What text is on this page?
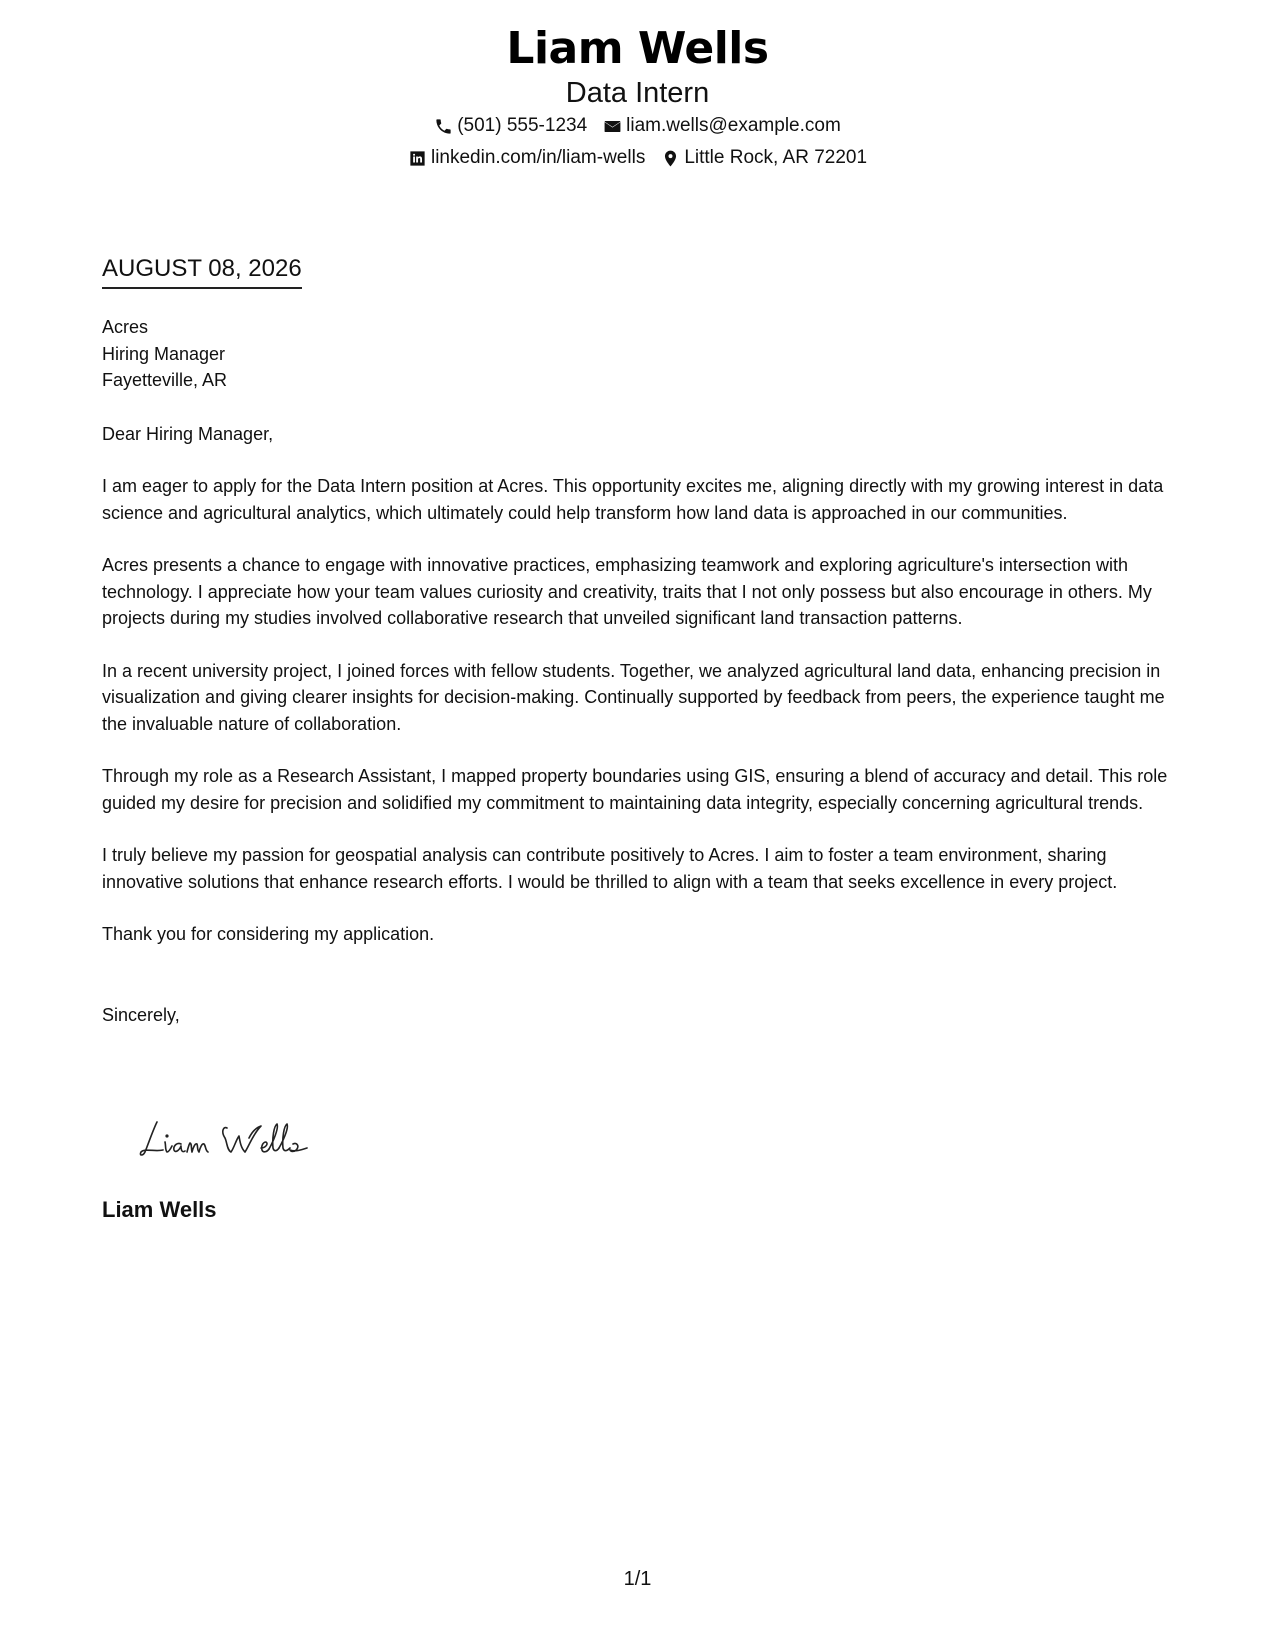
Liam Wells
Data Intern
(501) 555-1234 liam.wells@example.com
linkedin.com/in/liam-wells Little Rock, AR 72201
AUGUST 08, 2026
Acres
Hiring Manager
Fayetteville, AR

Dear Hiring Manager,

I am eager to apply for the Data Intern position at Acres. This opportunity excites me, aligning directly with my growing interest in data science and agricultural analytics, which ultimately could help transform how land data is approached in our communities.

Acres presents a chance to engage with innovative practices, emphasizing teamwork and exploring agriculture's intersection with technology. I appreciate how your team values curiosity and creativity, traits that I not only possess but also encourage in others. My projects during my studies involved collaborative research that unveiled significant land transaction patterns.

In a recent university project, I joined forces with fellow students. Together, we analyzed agricultural land data, enhancing precision in visualization and giving clearer insights for decision-making. Continually supported by feedback from peers, the experience taught me the invaluable nature of collaboration.

Through my role as a Research Assistant, I mapped property boundaries using GIS, ensuring a blend of accuracy and detail. This role guided my desire for precision and solidified my commitment to maintaining data integrity, especially concerning agricultural trends.

I truly believe my passion for geospatial analysis can contribute positively to Acres. I aim to foster a team environment, sharing innovative solutions that enhance research efforts. I would be thrilled to align with a team that seeks excellence in every project.

Thank you for considering my application.

Sincerely,

Liam Wells
1/1
